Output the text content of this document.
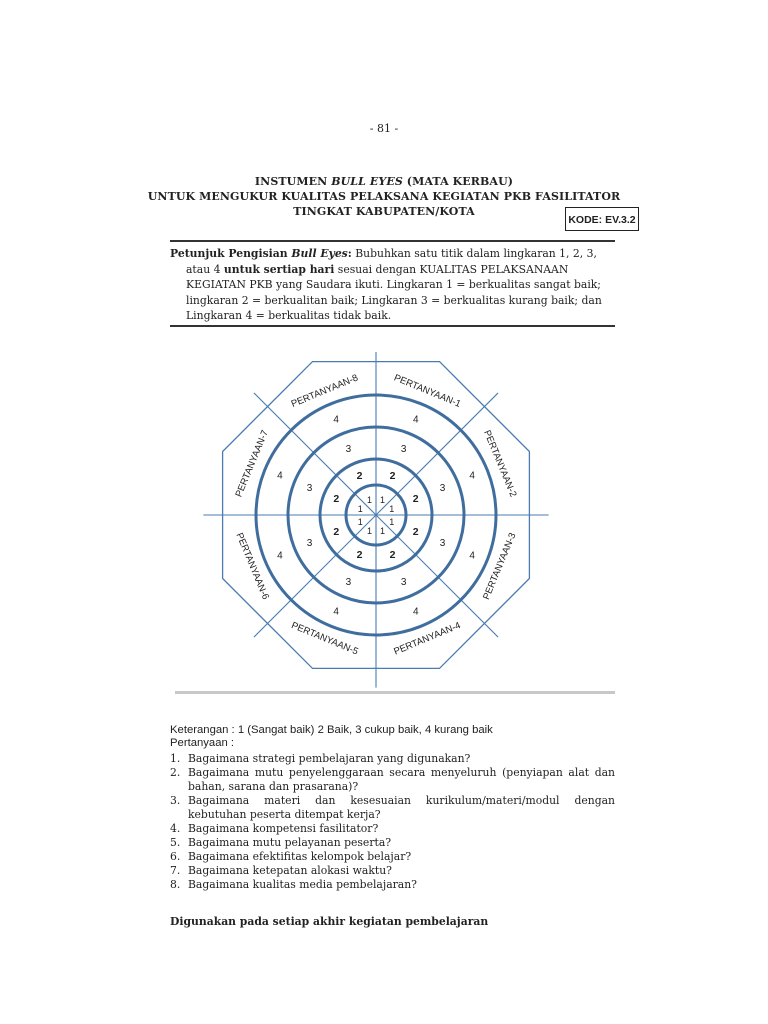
- 81 -
INSTUMEN BULL EYES (MATA KERBAU)
UNTUK MENGUKUR KUALITAS PELAKSANA KEGIATAN PKB FASILITATOR
TINGKAT KABUPATEN/KOTA
KODE: EV.3.2
Petunjuk Pengisian Bull Eyes: Bubuhkan satu titik dalam lingkaran 1, 2, 3,
atau 4 untuk sertiap hari sesuai dengan KUALITAS PELAKSANAAN
KEGIATAN PKB yang Saudara ikuti. Lingkaran 1 = berkualitas sangat baik;
lingkaran 2 = berkualitan baik; Lingkaran 3 = berkualitas kurang baik; dan
Lingkaran 4 = berkualitas tidak baik.
1
2
3
4
1
2
3
4
1
2
3
4
1
2
3
4
1
2
3
4
1
2
3
4
1
2
3
4
1
2
3
4
PERTANYAAN-1
PERTANYAAN-2
PERTANYAAN-3
PERTANYAAN-4
PERTANYAAN-5
PERTANYAAN-6
PERTANYAAN-7
PERTANYAAN-8
Keterangan : 1 (Sangat baik) 2 Baik, 3 cukup baik, 4 kurang baik
Pertanyaan :
1. Bagaimana strategi pembelajaran yang digunakan?
2. Bagaimana mutu penyelenggaraan secara menyeluruh (penyiapan alat dan bahan, sarana dan prasarana)?
3. Bagaimana materi dan kesesuaian kurikulum/materi/modul dengan kebutuhan peserta ditempat kerja?
4. Bagaimana kompetensi fasilitator?
5. Bagaimana mutu pelayanan peserta?
6. Bagaimana efektifitas kelompok belajar?
7. Bagaimana ketepatan alokasi waktu?
8. Bagaimana kualitas media pembelajaran?
Digunakan pada setiap akhir kegiatan pembelajaran
